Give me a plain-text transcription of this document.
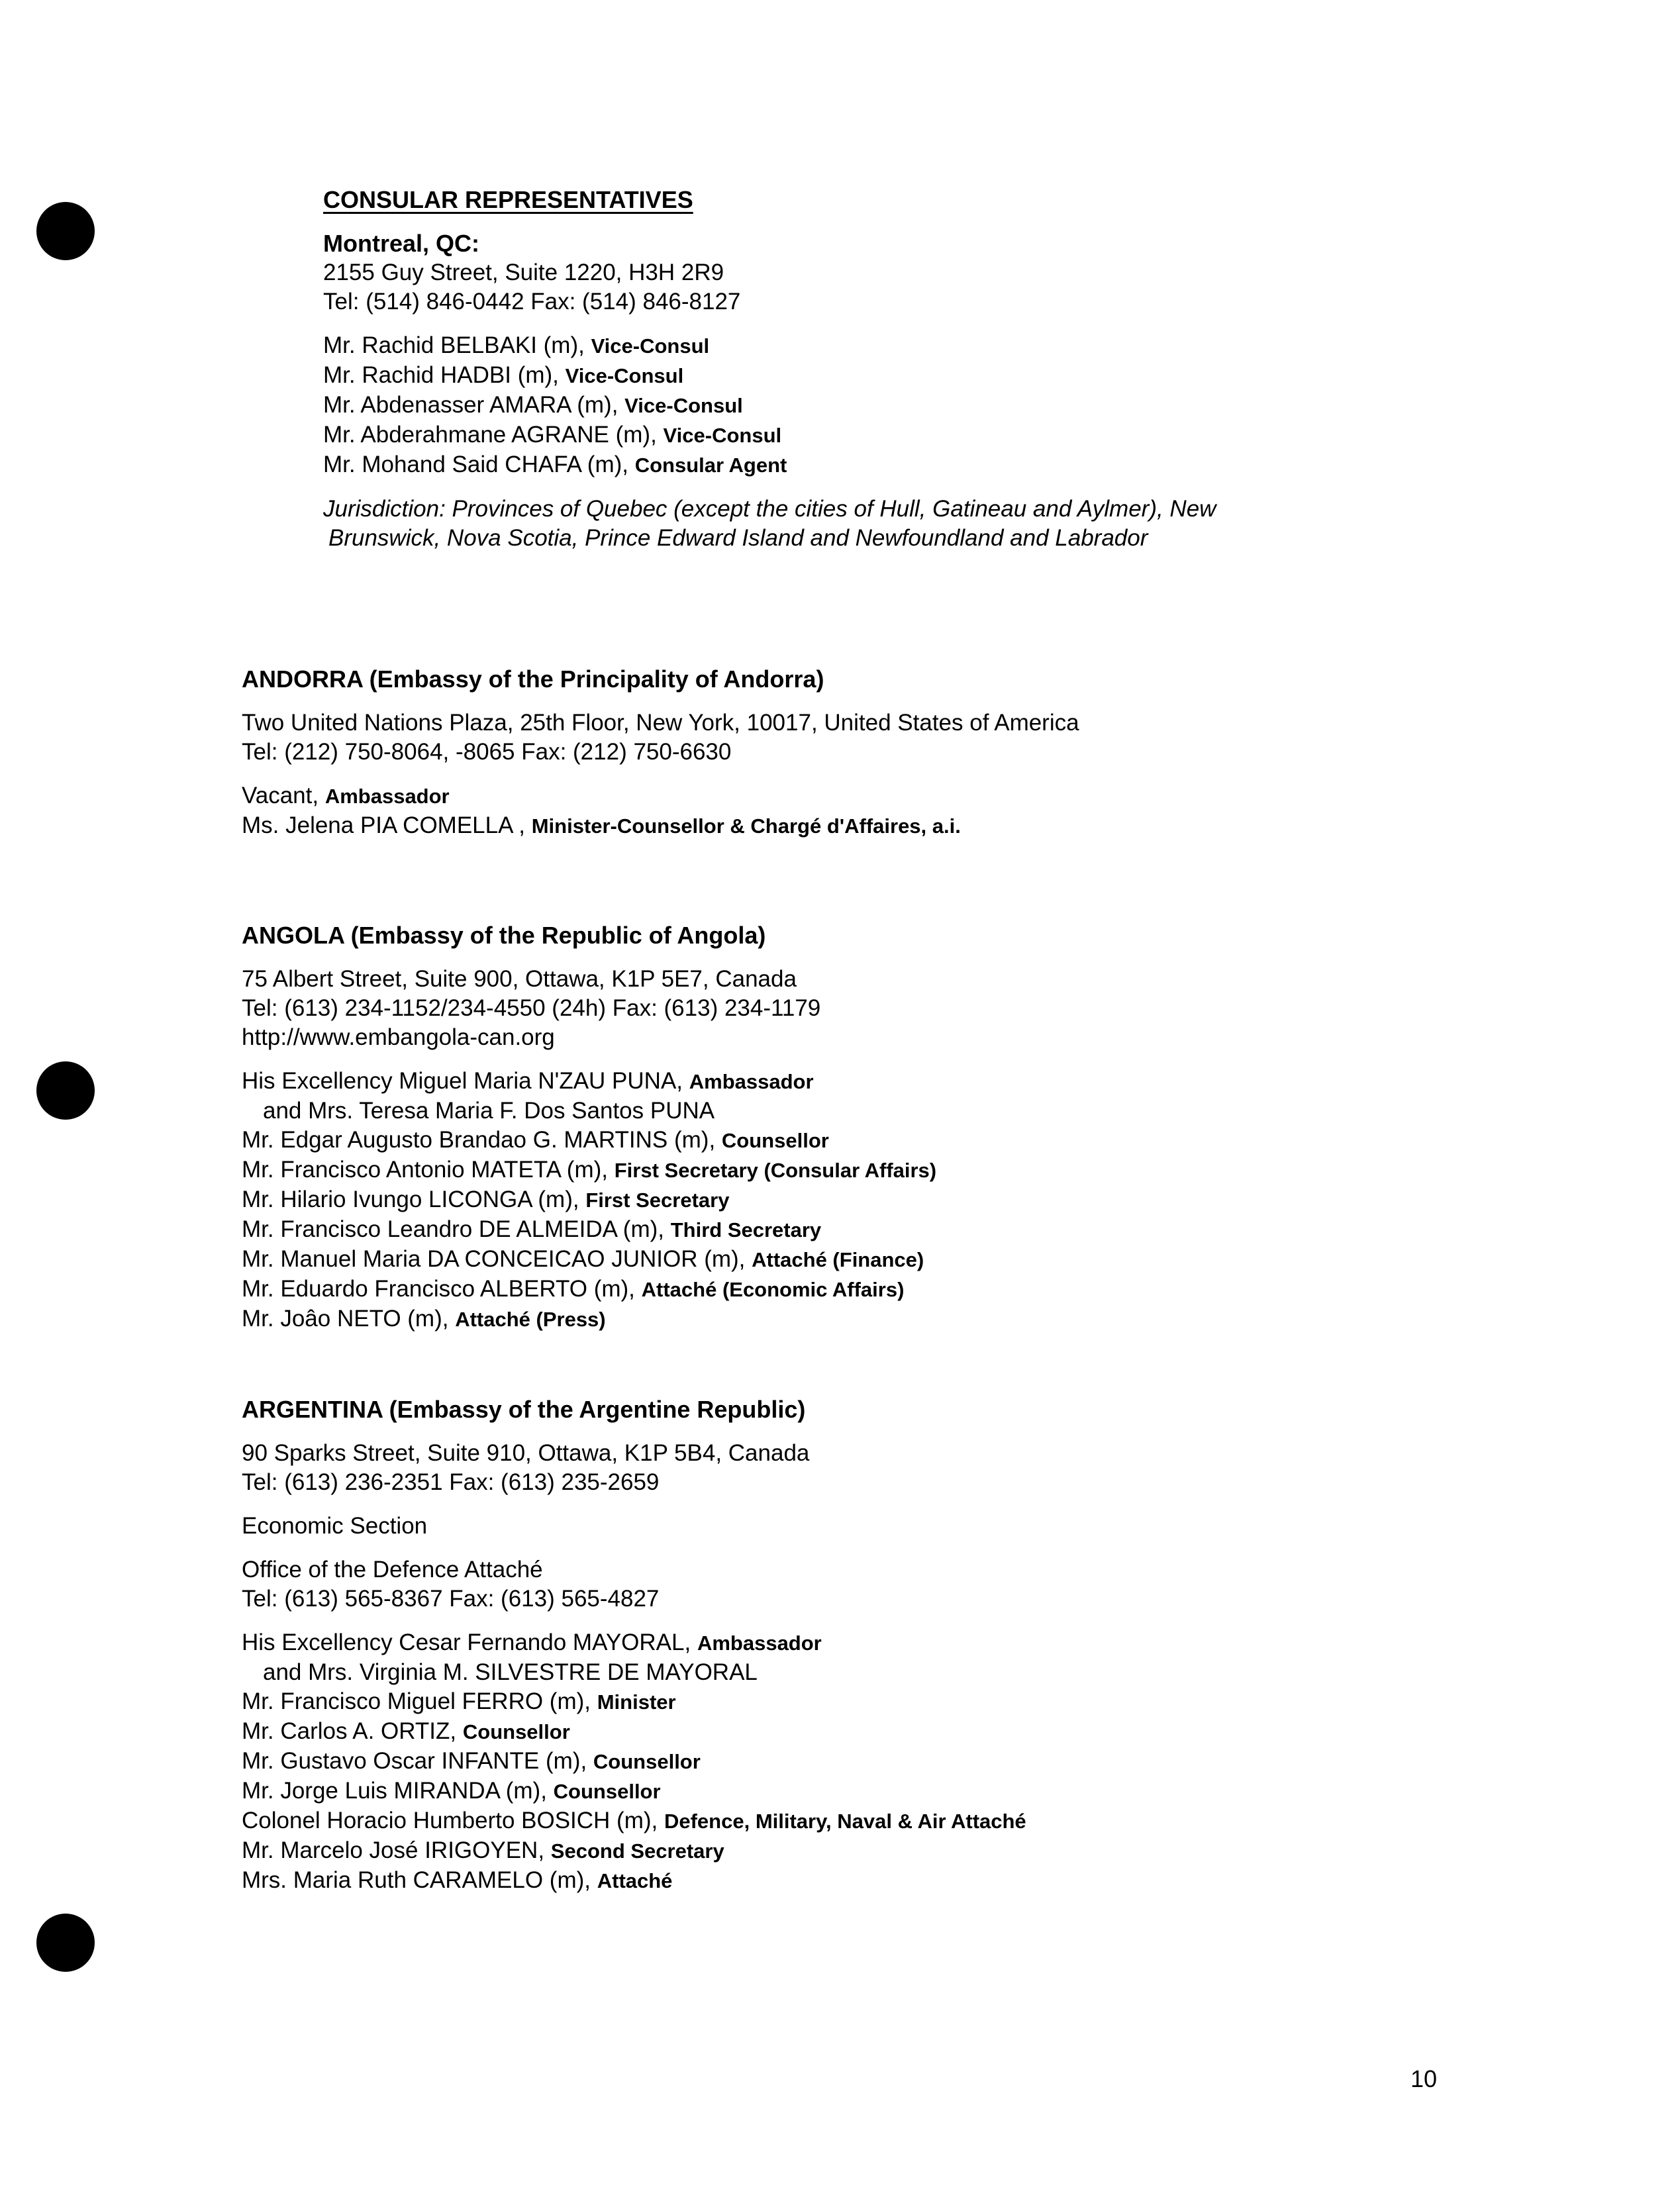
CONSULAR REPRESENTATIVES
Montreal, QC:
2155 Guy Street, Suite 1220, H3H 2R9
Tel: (514) 846-0442 Fax: (514) 846-8127
Mr. Rachid BELBAKI (m), Vice-Consul
Mr. Rachid HADBI (m), Vice-Consul
Mr. Abdenasser AMARA (m), Vice-Consul
Mr. Abderahmane AGRANE (m), Vice-Consul
Mr. Mohand Said CHAFA (m), Consular Agent
Jurisdiction: Provinces of Quebec (except the cities of Hull, Gatineau and Aylmer), New
Brunswick, Nova Scotia, Prince Edward Island and Newfoundland and Labrador
ANDORRA (Embassy of the Principality of Andorra)
Two United Nations Plaza, 25th Floor, New York, 10017, United States of America
Tel: (212) 750-8064, -8065 Fax: (212) 750-6630
Vacant, Ambassador
Ms. Jelena PIA COMELLA , Minister-Counsellor & Chargé d'Affaires, a.i.
ANGOLA (Embassy of the Republic of Angola)
75 Albert Street, Suite 900, Ottawa, K1P 5E7, Canada
Tel: (613) 234-1152/234-4550 (24h) Fax: (613) 234-1179
http://www.embangola-can.org
His Excellency Miguel Maria N'ZAU PUNA, Ambassador
and Mrs. Teresa Maria F. Dos Santos PUNA
Mr. Edgar Augusto Brandao G. MARTINS (m), Counsellor
Mr. Francisco Antonio MATETA (m), First Secretary (Consular Affairs)
Mr. Hilario Ivungo LICONGA (m), First Secretary
Mr. Francisco Leandro DE ALMEIDA (m), Third Secretary
Mr. Manuel Maria DA CONCEICAO JUNIOR (m), Attaché (Finance)
Mr. Eduardo Francisco ALBERTO (m), Attaché (Economic Affairs)
Mr. Joâo NETO (m), Attaché (Press)
ARGENTINA (Embassy of the Argentine Republic)
90 Sparks Street, Suite 910, Ottawa, K1P 5B4, Canada
Tel: (613) 236-2351 Fax: (613) 235-2659
Economic Section
Office of the Defence Attaché
Tel: (613) 565-8367 Fax: (613) 565-4827
His Excellency Cesar Fernando MAYORAL, Ambassador
and Mrs. Virginia M. SILVESTRE DE MAYORAL
Mr. Francisco Miguel FERRO (m), Minister
Mr. Carlos A. ORTIZ, Counsellor
Mr. Gustavo Oscar INFANTE (m), Counsellor
Mr. Jorge Luis MIRANDA (m), Counsellor
Colonel Horacio Humberto BOSICH (m), Defence, Military, Naval & Air Attaché
Mr. Marcelo José IRIGOYEN, Second Secretary
Mrs. Maria Ruth CARAMELO (m), Attaché
10
